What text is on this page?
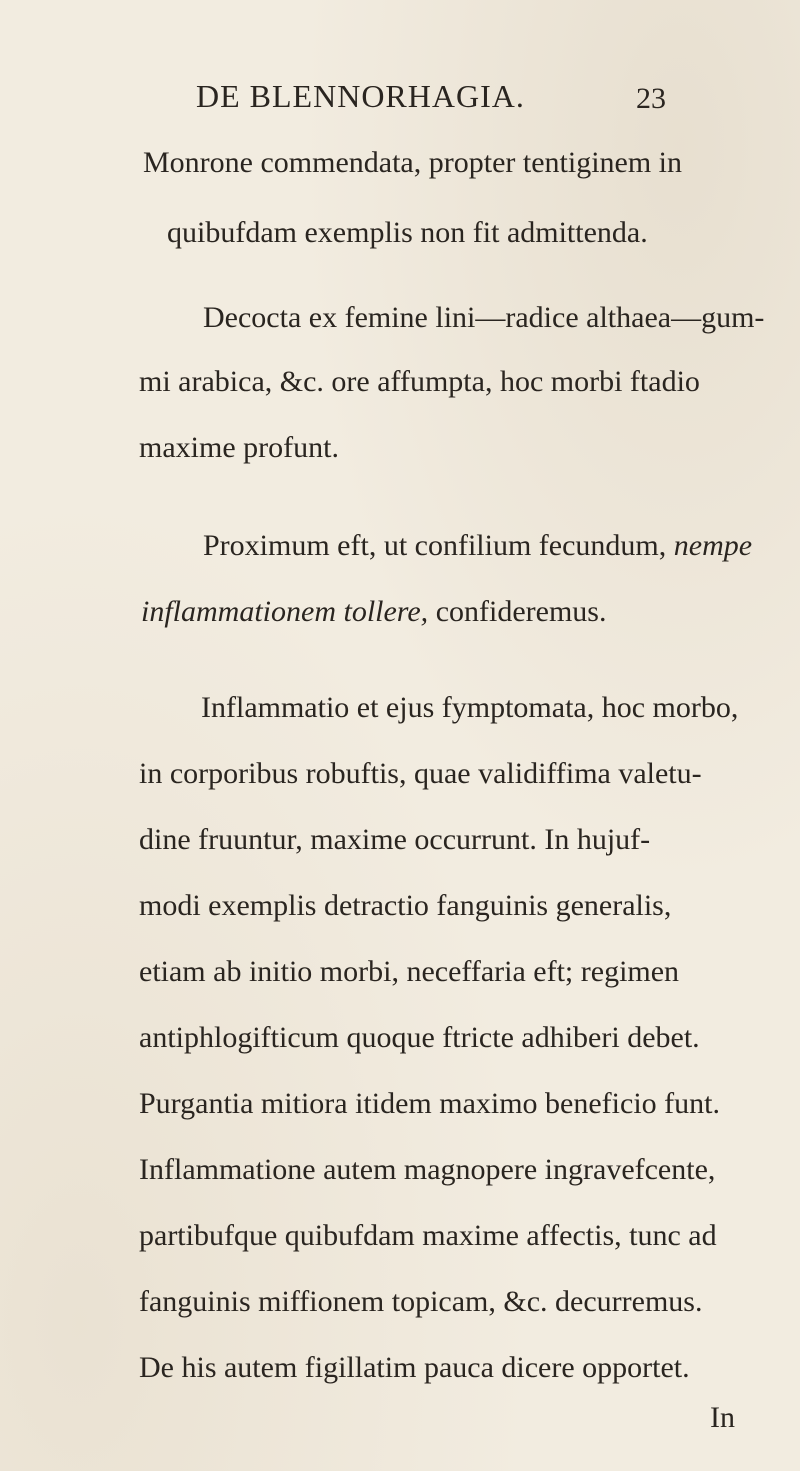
DE BLENNORHAGIA.	23
Monrone commendata, propter tentiginem in
quibufdam exemplis non fit admittenda.
Decocta ex femine lini—radice althaea—gum-
mi arabica, &c. ore affumpta, hoc morbi ftadio
maxime profunt.
Proximum eft, ut confilium fecundum, nempe
inflammationem tollere, confideremus.
Inflammatio et ejus fymptomata, hoc morbo,
in corporibus robuftis, quae validiffima valetu-
dine fruuntur, maxime occurrunt. In hujuf-
modi exemplis detractio fanguinis generalis,
etiam ab initio morbi, neceffaria eft; regimen
antiphlogifticum quoque ftricte adhiberi debet.
Purgantia mitiora itidem maximo beneficio funt.
Inflammatione autem magnopere ingravefcente,
partibufque quibufdam maxime affectis, tunc ad
fanguinis miffionem topicam, &c. decurremus.
De his autem figillatim pauca dicere opportet.
In
